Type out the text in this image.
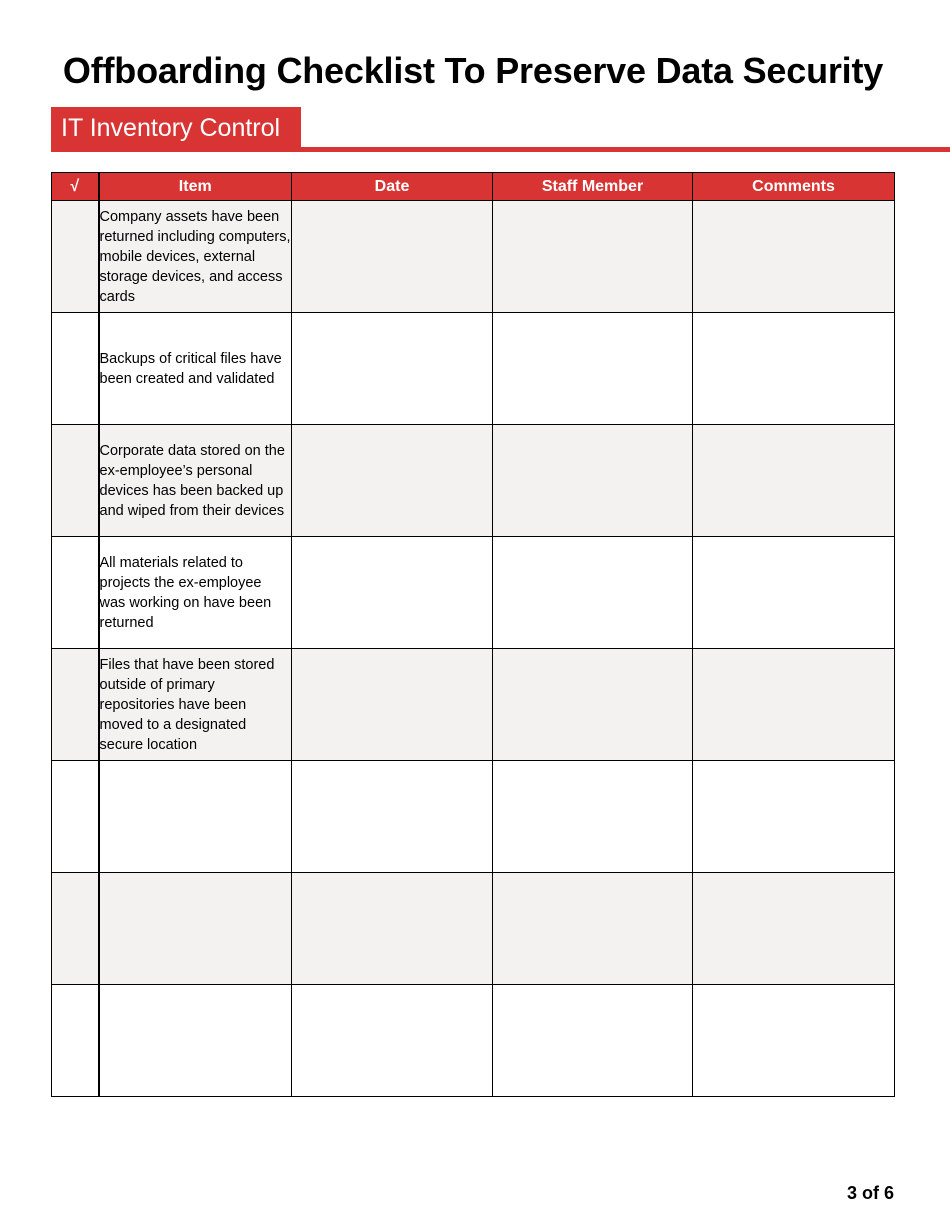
Offboarding Checklist To Preserve Data Security
IT Inventory Control
√	Item	Date	Staff Member	Comments
	Company assets have been returned including computers, mobile devices, external storage devices, and access cards			
	Backups of critical files have been created and validated			
	Corporate data stored on the ex-employee’s personal devices has been backed up and wiped from their devices			
	All materials related to projects the ex-employee was working on have been returned			
	Files that have been stored outside of primary repositories have been moved to a designated secure location			

3 of 6
